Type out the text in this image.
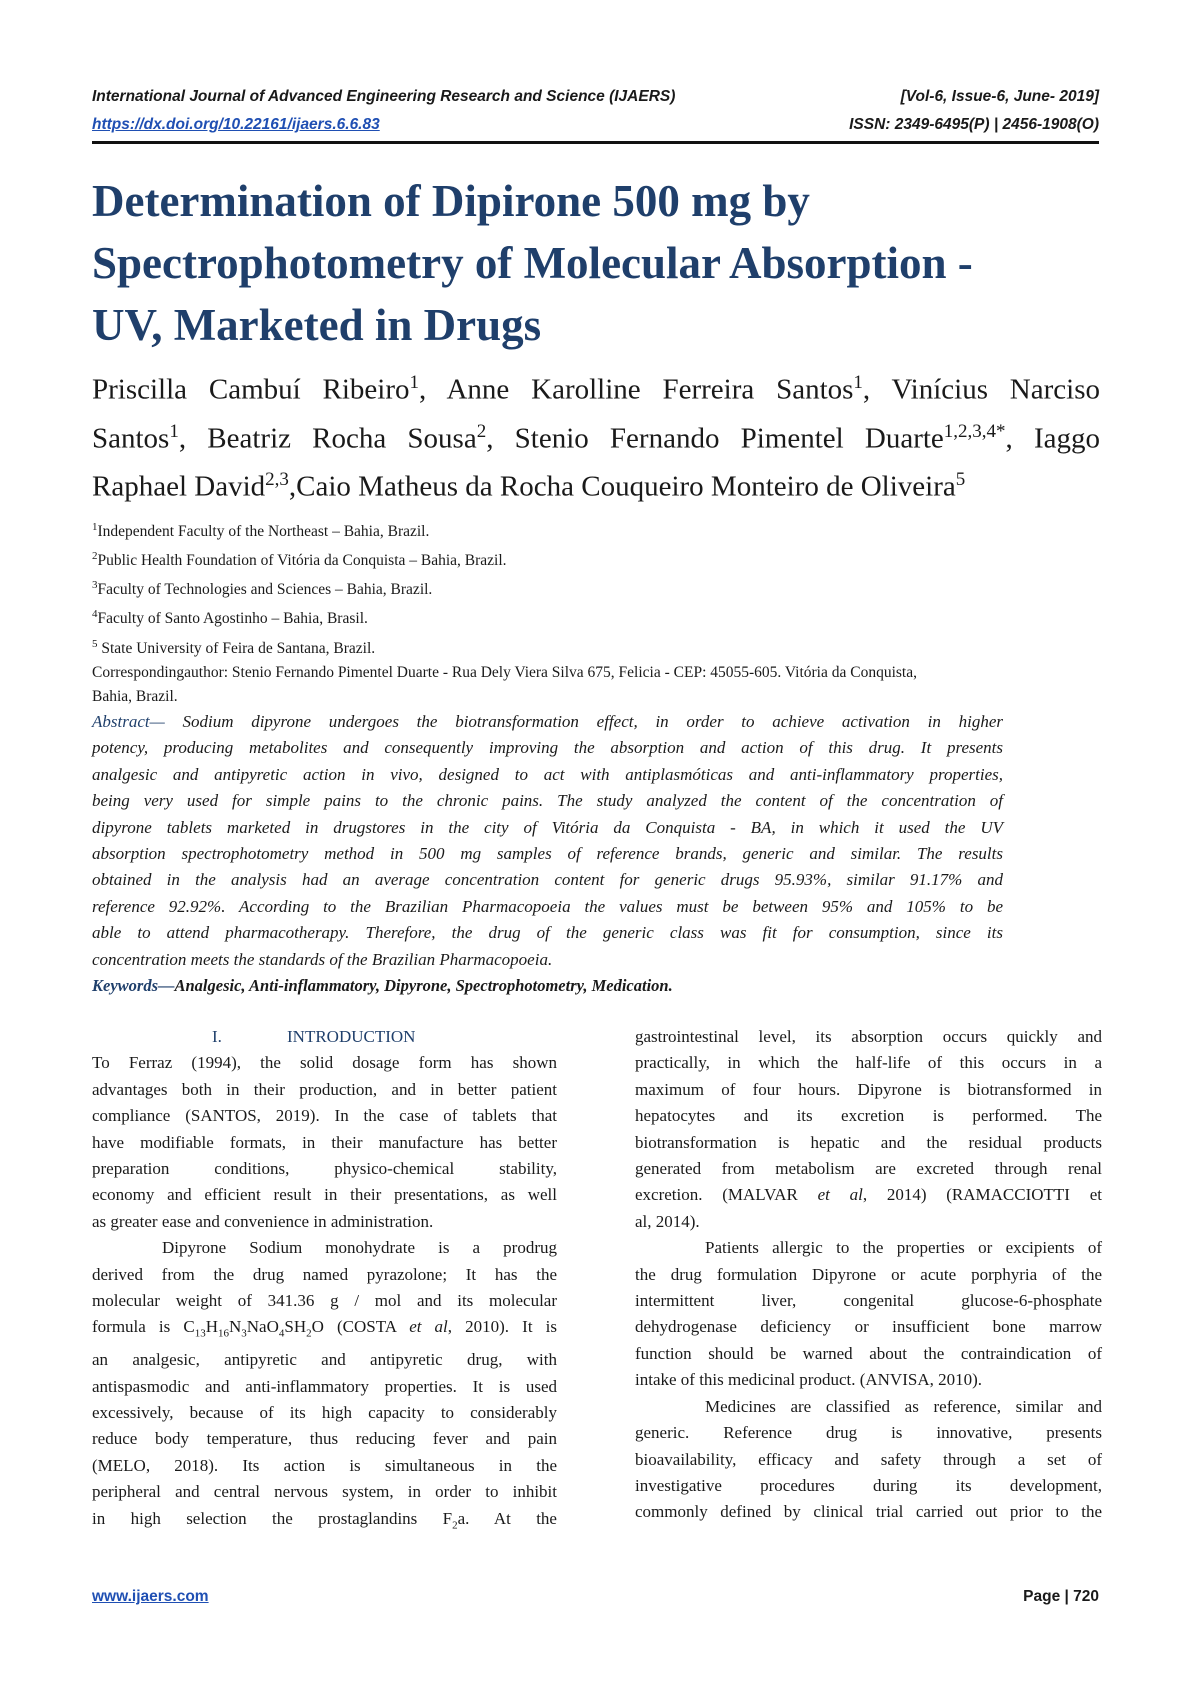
International Journal of Advanced Engineering Research and Science (IJAERS)	[Vol-6, Issue-6, June- 2019]
https://dx.doi.org/10.22161/ijaers.6.6.83	ISSN: 2349-6495(P) | 2456-1908(O)
Determination of Dipirone 500 mg by
Spectrophotometry of Molecular Absorption -
UV, Marketed in Drugs
Priscilla Cambuí Ribeiro$^1$, Anne Karolline Ferreira Santos$^1$, Vinícius Narciso
Santos$^1$, Beatriz Rocha Sousa$^2$, Stenio Fernando Pimentel Duarte$^{1,2,3,4*}$, Iaggo
Raphael David$^{2,3}$,Caio Matheus da Rocha Couqueiro Monteiro de Oliveira$^5$
$^1$Independent Faculty of the Northeast – Bahia, Brazil.
$^2$Public Health Foundation of Vitória da Conquista – Bahia, Brazil.
$^3$Faculty of Technologies and Sciences – Bahia, Brazil.
$^4$Faculty of Santo Agostinho – Bahia, Brasil.
$^5$ State University of Feira de Santana, Brazil.
Correspondingauthor: Stenio Fernando Pimentel Duarte - Rua Dely Viera Silva 675, Felicia - CEP: 45055-605. Vitória da Conquista,
Bahia, Brazil.
Abstract— Sodium dipyrone undergoes the biotransformation effect, in order to achieve activation in higher
potency, producing metabolites and consequently improving the absorption and action of this drug. It presents
analgesic and antipyretic action in vivo, designed to act with antiplasmóticas and anti-inflammatory properties,
being very used for simple pains to the chronic pains. The study analyzed the content of the concentration of
dipyrone tablets marketed in drugstores in the city of Vitória da Conquista - BA, in which it used the UV
absorption spectrophotometry method in 500 mg samples of reference brands, generic and similar. The results
obtained in the analysis had an average concentration content for generic drugs 95.93%, similar 91.17% and
reference 92.92%. According to the Brazilian Pharmacopoeia the values must be between 95% and 105% to be
able to attend pharmacotherapy. Therefore, the drug of the generic class was fit for consumption, since its
concentration meets the standards of the Brazilian Pharmacopoeia.
Keywords—Analgesic, Anti-inflammatory, Dipyrone, Spectrophotometry, Medication.
I.	INTRODUCTION
To Ferraz (1994), the solid dosage form has shown
advantages both in their production, and in better patient
compliance (SANTOS, 2019). In the case of tablets that
have modifiable formats, in their manufacture has better
preparation conditions, physico-chemical stability,
economy and efficient result in their presentations, as well
as greater ease and convenience in administration.
Dipyrone Sodium monohydrate is a prodrug
derived from the drug named pyrazolone; It has the
molecular weight of 341.36 g / mol and its molecular
formula is $C_{13}H_{16}N_3NaO_4SH_2O$ (COSTA et al, 2010). It is
an analgesic, antipyretic and antipyretic drug, with
antispasmodic and anti-inflammatory properties. It is used
excessively, because of its high capacity to considerably
reduce body temperature, thus reducing fever and pain
(MELO, 2018). Its action is simultaneous in the
peripheral and central nervous system, in order to inhibit
in high selection the prostaglandins $F_2a$. At the
gastrointestinal level, its absorption occurs quickly and
practically, in which the half-life of this occurs in a
maximum of four hours. Dipyrone is biotransformed in
hepatocytes and its excretion is performed. The
biotransformation is hepatic and the residual products
generated from metabolism are excreted through renal
excretion. (MALVAR et al, 2014) (RAMACCIOTTI et
al, 2014).
Patients allergic to the properties or excipients of
the drug formulation Dipyrone or acute porphyria of the
intermittent liver, congenital glucose-6-phosphate
dehydrogenase deficiency or insufficient bone marrow
function should be warned about the contraindication of
intake of this medicinal product. (ANVISA, 2010).
Medicines are classified as reference, similar and
generic. Reference drug is innovative, presents
bioavailability, efficacy and safety through a set of
investigative procedures during its development,
commonly defined by clinical trial carried out prior to the
www.ijaers.com	Page | 720
